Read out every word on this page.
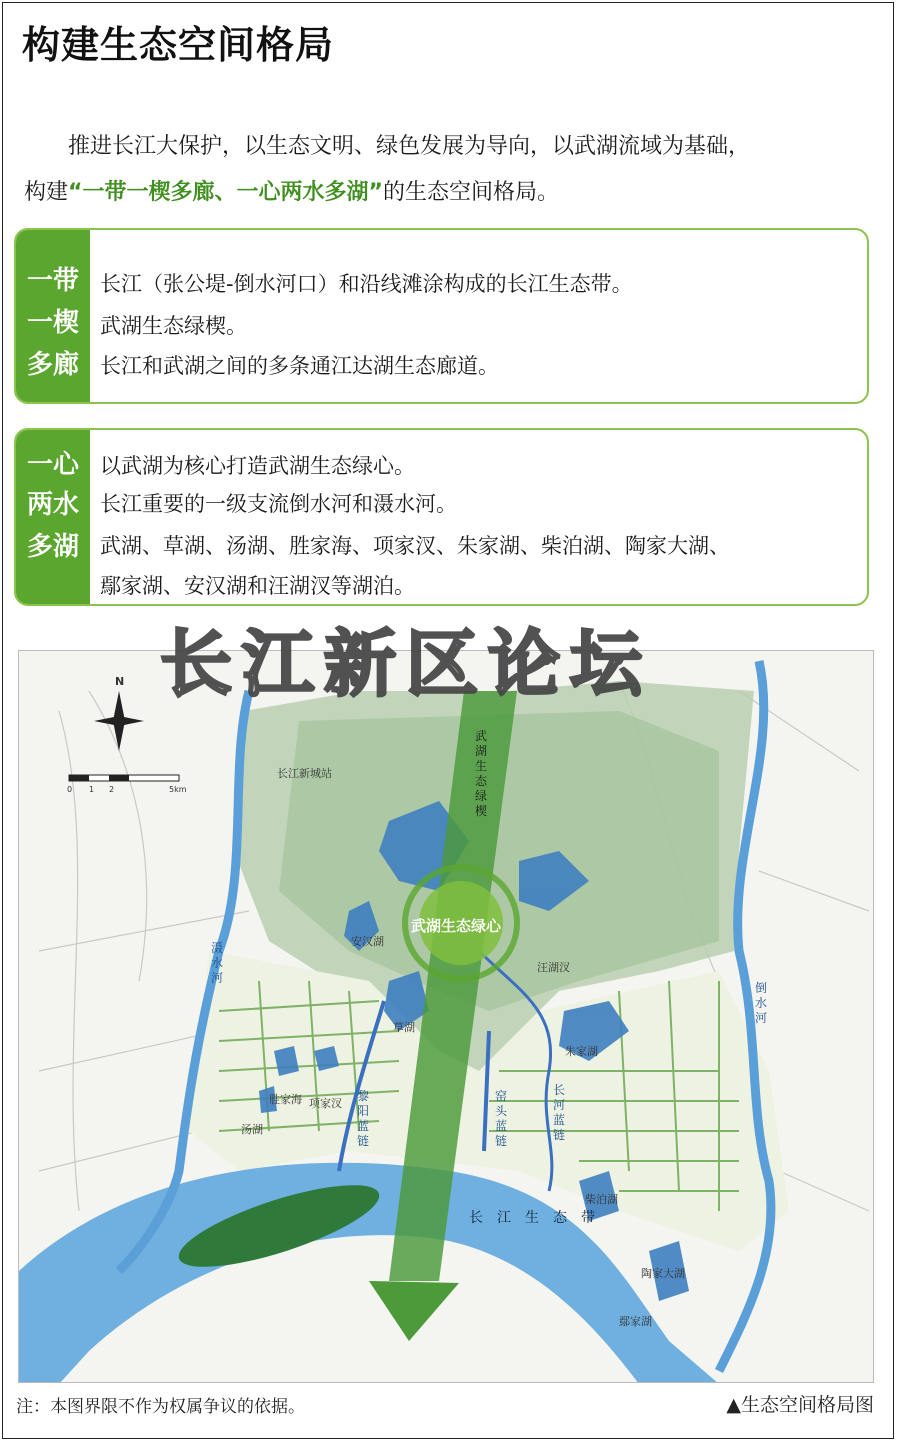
构建生态空间格局
推进长江大保护，以生态文明、绿色发展为导向，以武湖流域为基础，
构建“一带一楔多廊、一心两水多湖”的生态空间格局。
一带
一楔
多廊
长江（张公堤-倒水河口）和沿线滩涂构成的长江生态带。
武湖生态绿楔。
长江和武湖之间的多条通江达湖生态廊道。
一心
两水
多湖
以武湖为核心打造武湖生态绿心。
长江重要的一级支流倒水河和滠水河。
武湖、草湖、汤湖、胜家海、项家汊、朱家湖、柴泊湖、陶家大湖、
鄢家湖、安汉湖和汪湖汊等湖泊。
N
0 1 2	5km
长江新城站
武湖生态绿心
武湖生态绿楔
滠水河
倒水河
长江生态带
黎阳蓝链
窑头蓝链
长河蓝链
安汉湖
草湖
汪湖汊
胜家海 项家汊
汤湖
朱家湖
柴泊湖
陶家大湖
鄢家湖
长江新区论坛
注：本图界限不作为权属争议的依据。	▲生态空间格局图
